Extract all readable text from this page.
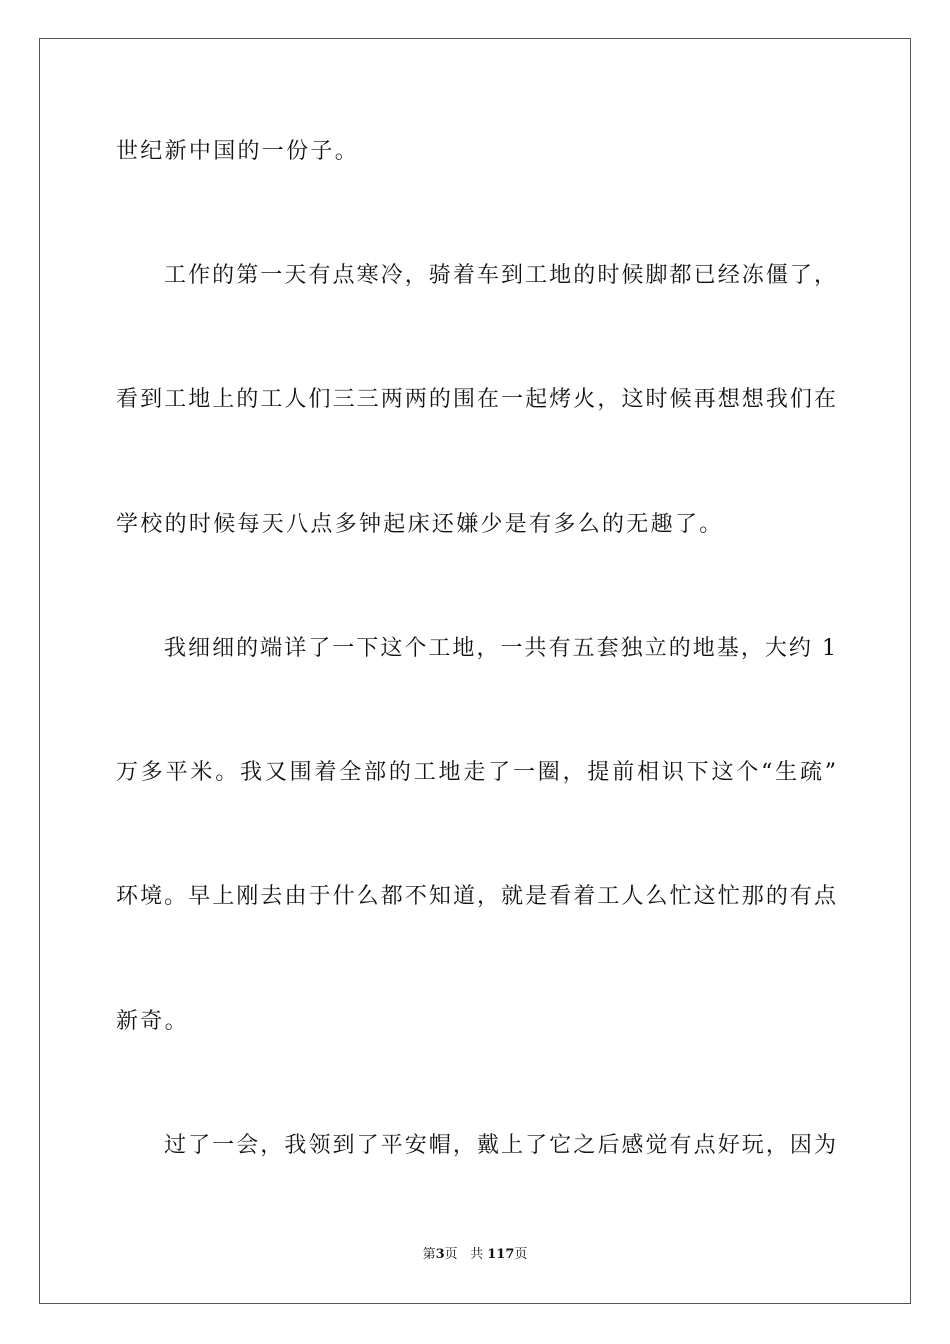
世纪新中国的一份子。
工作的第一天有点寒冷，骑着车到工地的时候脚都已经冻僵了，
看到工地上的工人们三三两两的围在一起烤火，这时候再想想我们在
学校的时候每天八点多钟起床还嫌少是有多么的无趣了。
我细细的端详了一下这个工地，一共有五套独立的地基，大约 1
万多平米。我又围着全部的工地走了一圈，提前相识下这个“生疏”
环境。早上刚去由于什么都不知道，就是看着工人么忙这忙那的有点
新奇。
过了一会，我领到了平安帽，戴上了它之后感觉有点好玩，因为
第3页 共 117页
